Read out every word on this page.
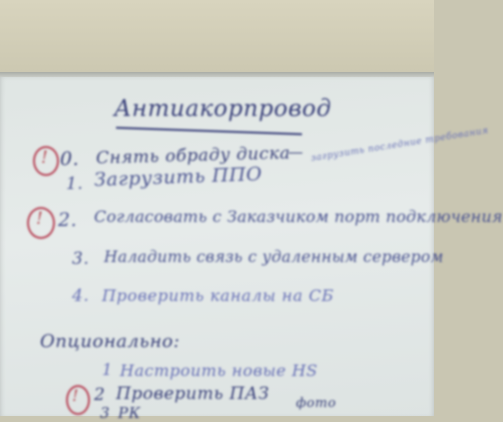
Антиакорпровод
загрузить последние требования
! 0. Снять обраду диска
—
1. Загрузить ППО
! 2. Согласовать с Заказчиком порт подключения
3. Наладить связь с удаленным сервером
4. Проверить каналы на СБ
Опционально:
1 Настроить новые HS
! 2 Проверить ПАЗ фото
3 РК
